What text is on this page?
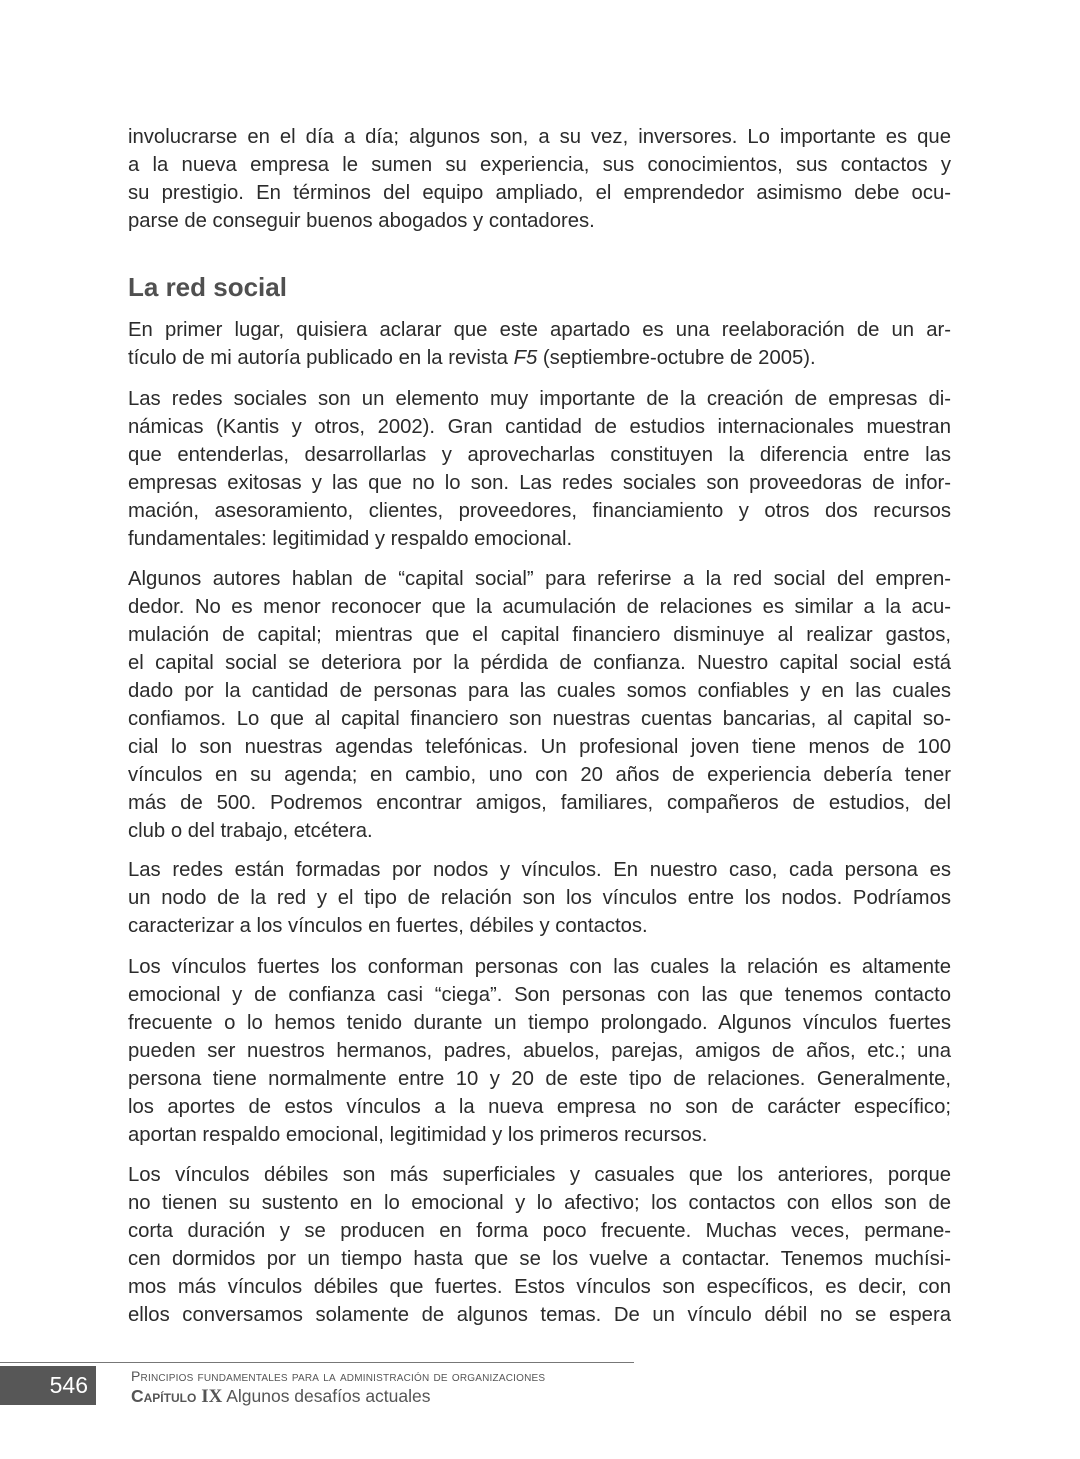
involucrarse en el día a día; algunos son, a su vez, inversores. Lo importante es que
a la nueva empresa le sumen su experiencia, sus conocimientos, sus contactos y
su prestigio. En términos del equipo ampliado, el emprendedor asimismo debe ocu-
parse de conseguir buenos abogados y contadores.
La red social
En primer lugar, quisiera aclarar que este apartado es una reelaboración de un ar-
tículo de mi autoría publicado en la revista F5 (septiembre-octubre de 2005).
Las redes sociales son un elemento muy importante de la creación de empresas di-
námicas (Kantis y otros, 2002). Gran cantidad de estudios internacionales muestran
que entenderlas, desarrollarlas y aprovecharlas constituyen la diferencia entre las
empresas exitosas y las que no lo son. Las redes sociales son proveedoras de infor-
mación, asesoramiento, clientes, proveedores, financiamiento y otros dos recursos
fundamentales: legitimidad y respaldo emocional.
Algunos autores hablan de “capital social” para referirse a la red social del empren-
dedor. No es menor reconocer que la acumulación de relaciones es similar a la acu-
mulación de capital; mientras que el capital financiero disminuye al realizar gastos,
el capital social se deteriora por la pérdida de confianza. Nuestro capital social está
dado por la cantidad de personas para las cuales somos confiables y en las cuales
confiamos. Lo que al capital financiero son nuestras cuentas bancarias, al capital so-
cial lo son nuestras agendas telefónicas. Un profesional joven tiene menos de 100
vínculos en su agenda; en cambio, uno con 20 años de experiencia debería tener
más de 500. Podremos encontrar amigos, familiares, compañeros de estudios, del
club o del trabajo, etcétera.
Las redes están formadas por nodos y vínculos. En nuestro caso, cada persona es
un nodo de la red y el tipo de relación son los vínculos entre los nodos. Podríamos
caracterizar a los vínculos en fuertes, débiles y contactos.
Los vínculos fuertes los conforman personas con las cuales la relación es altamente
emocional y de confianza casi “ciega”. Son personas con las que tenemos contacto
frecuente o lo hemos tenido durante un tiempo prolongado. Algunos vínculos fuertes
pueden ser nuestros hermanos, padres, abuelos, parejas, amigos de años, etc.; una
persona tiene normalmente entre 10 y 20 de este tipo de relaciones. Generalmente,
los aportes de estos vínculos a la nueva empresa no son de carácter específico;
aportan respaldo emocional, legitimidad y los primeros recursos.
Los vínculos débiles son más superficiales y casuales que los anteriores, porque
no tienen su sustento en lo emocional y lo afectivo; los contactos con ellos son de
corta duración y se producen en forma poco frecuente. Muchas veces, permane-
cen dormidos por un tiempo hasta que se los vuelve a contactar. Tenemos muchísi-
mos más vínculos débiles que fuertes. Estos vínculos son específicos, es decir, con
ellos conversamos solamente de algunos temas. De un vínculo débil no se espera
546	Principios fundamentales para la administración de organizaciones
Capítulo IX Algunos desafíos actuales
